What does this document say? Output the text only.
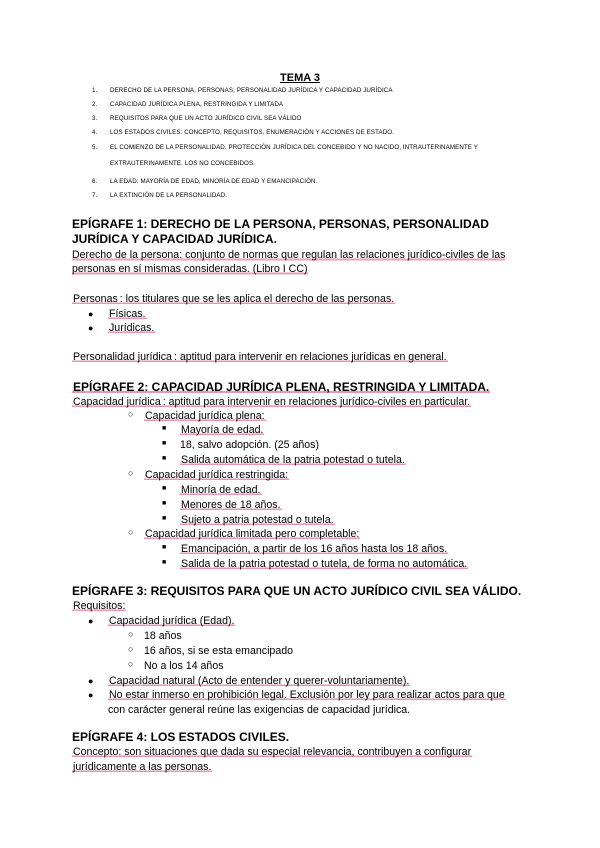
TEMA 3
1.	DERECHO DE LA PERSONA, PERSONAS, PERSONALIDAD JURÍDICA Y CAPACIDAD JURÍDICA
2.	CAPACIDAD JURÍDICA PLENA, RESTRINGIDA Y LIMITADA
3.	REQUISITOS PARA QUE UN ACTO JURÍDICO CIVIL SEA VÁLIDO
4.	LOS ESTADOS CIVILES: CONCEPTO, REQUISITOS, ENUMERACIÓN Y ACCIONES DE ESTADO.
5.	EL COMIENZO DE LA PERSONALIDAD. PROTECCIÓN JURÍDICA DEL CONCEBIDO Y NO NACIDO, INTRAUTERINAMENTE Y EXTRAUTERINAMENTE. LOS NO CONCEBIDOS.
6.	LA EDAD: MAYORÍA DE EDAD, MINORÍA DE EDAD Y EMANCIPACIÓN.
7.	LA EXTINCIÓN DE LA PERSONALIDAD.
EPÍGRAFE 1: DERECHO DE LA PERSONA, PERSONAS, PERSONALIDAD JURÍDICA Y CAPACIDAD JURÍDICA.
Derecho de la persona: conjunto de normas que regulan las relaciones jurídico-civiles de las personas en sí mismas consideradas. (Libro I CC)
Personas : los titulares que se les aplica el derecho de las personas.
● Físicas.
● Jurídicas.
Personalidad jurídica : aptitud para intervenir en relaciones jurídicas en general.
EPÍGRAFE 2: CAPACIDAD JURÍDICA PLENA, RESTRINGIDA Y LIMITADA.
Capacidad jurídica : aptitud para intervenir en relaciones jurídico-civiles en particular.
○ Capacidad jurídica plena:
■ Mayoría de edad.
■ 18, salvo adopción. (25 años)
■ Salida automática de la patria potestad o tutela.
○ Capacidad jurídica restringida:
■ Minoría de edad.
■ Menores de 18 años.
■ Sujeto a patria potestad o tutela.
○ Capacidad jurídica limitada pero completable:
■ Emancipación, a partir de los 16 años hasta los 18 años.
■ Salida de la patria potestad o tutela, de forma no automática.
EPÍGRAFE 3: REQUISITOS PARA QUE UN ACTO JURÍDICO CIVIL SEA VÁLIDO.
Requisitos:
● Capacidad jurídica (Edad).
○ 18 años
○ 16 años, si se esta emancipado
○ No a los 14 años
● Capacidad natural (Acto de entender y querer-voluntariamente).
● No estar inmerso en prohibición legal. Exclusión por ley para realizar actos para que
con carácter general reúne las exigencias de capacidad jurídica.
EPÍGRAFE 4: LOS ESTADOS CIVILES.
Concepto: son situaciones que dada su especial relevancia, contribuyen a configurar
jurídicamente a las personas.
